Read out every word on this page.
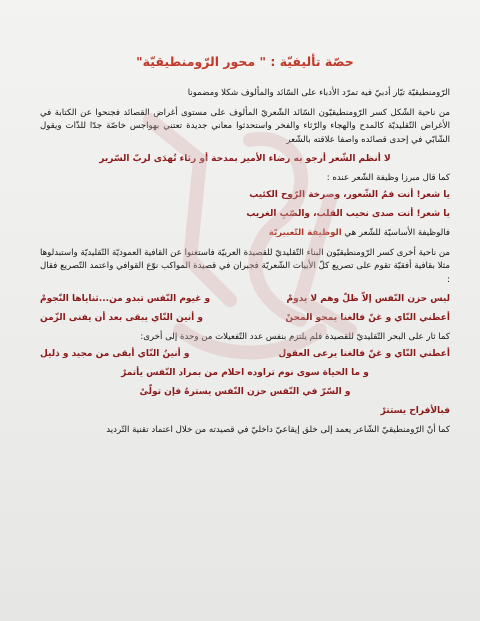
حصّة تأليفيّة : " محور الرّومنطيقيّة"
الرّومنطيقيّة تيّار أدبيّ فيه تمرّد الأدباء على السّائد والمألوف شكلا ومضمونا
من ناحية الشّكل كسر الرّومنطيقيّون السّائد الشّعريّ المألوف على مستوى أغراض القصائد فجنحوا عن الكتابة في الأغراض التّقليديّة كالمدح والهجاء والرّثاء والفخر واستحدثوا معاني جديدة تعتني بهواجس خاصّة جدّا للذّات ويقول الشّابّي في إحدى قصائده واصفا علاقته بالشّعر
لا أنظم الشّعر أرجو به رضاء الأمير بمدحة أو رثاء تُهدَى لربّ السّرير
كما قال مبرزا وظيفة الشّعر عنده :
يا شعر! أنت فمُ الشّعور، وصرخة الرّوح الكئيب
يا شعر! أنت صدى نحيب القلب، والصّبِ الغريب
فالوظيفة الأساسيّة للشّعر هي الوظيفة التّعبيريّة
من ناحية أخرى كسر الرّومنطيقيّون البناء التّقليديّ للقصيدة العربيّة فاستغنوا عن القافية العموديّة التّقليديّة واستبدلوها مثلا بقافية أفقيّة تقوم على تصريع كلّ الأبيات الشّعريّة فجبران في قصيدة المواكب نوّع القوافي واعتمد التّصريع فقال :
ليس حزن النّفس إلاّ ظلّ وهم لا يدومْ
و غيوم النّفس تبدو من...ثناياها النّجومْ
أعطني النّاي و غنّ فالغنا يمحو المحنْ
و أنين النّاي يبقى بعد أن يفنى الزّمن
كما ثار على البحر التّقليديّ للقصيدة فلم يلتزم بنفس عدد التّفعيلات من وحدة إلى أخرى:
أعطني النّاي و غنّ فالغنا يرعى العقول
و أنينُ النّاي أبقى من مجيد و ذليل
و ما الحياة سوى نوم تراوده احلام من بمراد النّفس يأتمرْ
و السّرّ في النّفس حزن النّفس يسترهُ فإن تولّىْ
فبالأفراح يستترْ
كما أنّ الرّومنطيقيّ الشّاعر يعمد إلى خلق إيقاعيّ داخليّ في قصيدته من خلال اعتماد تقنية التّرديد
